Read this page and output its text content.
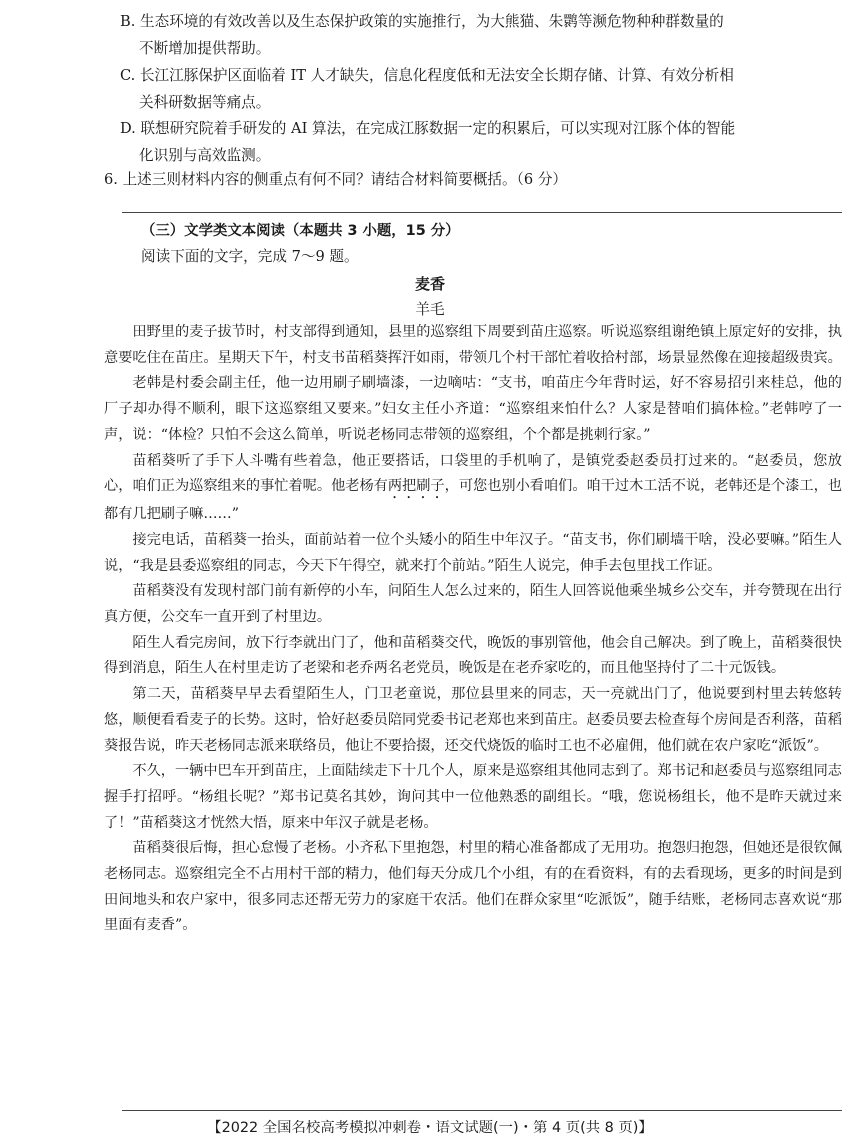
B. 生态环境的有效改善以及生态保护政策的实施推行，为大熊猫、朱鹮等濒危物种种群数量的
不断增加提供帮助。
C. 长江江豚保护区面临着 IT 人才缺失，信息化程度低和无法安全长期存储、计算、有效分析相
关科研数据等痛点。
D. 联想研究院着手研发的 AI 算法，在完成江豚数据一定的积累后，可以实现对江豚个体的智能
化识别与高效监测。
6. 上述三则材料内容的侧重点有何不同？请结合材料简要概括。（6 分）
（三）文学类文本阅读（本题共 3 小题，15 分）
阅读下面的文字，完成 7～9 题。
麦香
羊毛

田野里的麦子拔节时，村支部得到通知，县里的巡察组下周要到苗庄巡察。听说巡察组谢绝镇上原定好的安排，执意要吃住在苗庄。星期天下午，村支书苗稻葵挥汗如雨，带领几个村干部忙着收拾村部，场景显然像在迎接超级贵宾。

老韩是村委会副主任，他一边用刷子刷墙漆，一边嘀咕：“支书，咱苗庄今年背时运，好不容易招引来桂总，他的厂子却办得不顺利，眼下这巡察组又要来。”妇女主任小齐道：“巡察组来怕什么？人家是替咱们搞体检。”老韩哼了一声，说：“体检？只怕不会这么简单，听说老杨同志带领的巡察组，个个都是挑刺行家。”

苗稻葵听了手下人斗嘴有些着急，他正要搭话，口袋里的手机响了，是镇党委赵委员打过来的。“赵委员，您放心，咱们正为巡察组来的事忙着呢。他老杨有两把刷子，可您也别小看咱们。咱干过木工活不说，老韩还是个漆工，也都有几把刷子嘛……”

接完电话，苗稻葵一抬头，面前站着一位个头矮小的陌生中年汉子。“苗支书，你们刷墙干啥，没必要嘛。”陌生人说，“我是县委巡察组的同志，今天下午得空，就来打个前站。”陌生人说完，伸手去包里找工作证。

苗稻葵没有发现村部门前有新停的小车，问陌生人怎么过来的，陌生人回答说他乘坐城乡公交车，并夸赞现在出行真方便，公交车一直开到了村里边。

陌生人看完房间，放下行李就出门了，他和苗稻葵交代，晚饭的事别管他，他会自己解决。到了晚上，苗稻葵很快得到消息，陌生人在村里走访了老梁和老乔两名老党员，晚饭是在老乔家吃的，而且他坚持付了二十元饭钱。

第二天，苗稻葵早早去看望陌生人，门卫老童说，那位县里来的同志，天一亮就出门了，他说要到村里去转悠转悠，顺便看看麦子的长势。这时，恰好赵委员陪同党委书记老郑也来到苗庄。赵委员要去检查每个房间是否利落，苗稻葵报告说，昨天老杨同志派来联络员，他让不要拾掇，还交代烧饭的临时工也不必雇佣，他们就在农户家吃“派饭”。

不久，一辆中巴车开到苗庄，上面陆续走下十几个人，原来是巡察组其他同志到了。郑书记和赵委员与巡察组同志握手打招呼。“杨组长呢？”郑书记莫名其妙，询问其中一位他熟悉的副组长。“哦，您说杨组长，他不是昨天就过来了！”苗稻葵这才恍然大悟，原来中年汉子就是老杨。

苗稻葵很后悔，担心怠慢了老杨。小齐私下里抱怨，村里的精心准备都成了无用功。抱怨归抱怨，但她还是很钦佩老杨同志。巡察组完全不占用村干部的精力，他们每天分成几个小组，有的在看资料，有的去看现场，更多的时间是到田间地头和农户家中，很多同志还帮无劳力的家庭干农活。他们在群众家里“吃派饭”，随手结账，老杨同志喜欢说“那里面有麦香”。

【2022 全国名校高考模拟冲刺卷・语文试题(一)・第 4 页(共 8 页)】
